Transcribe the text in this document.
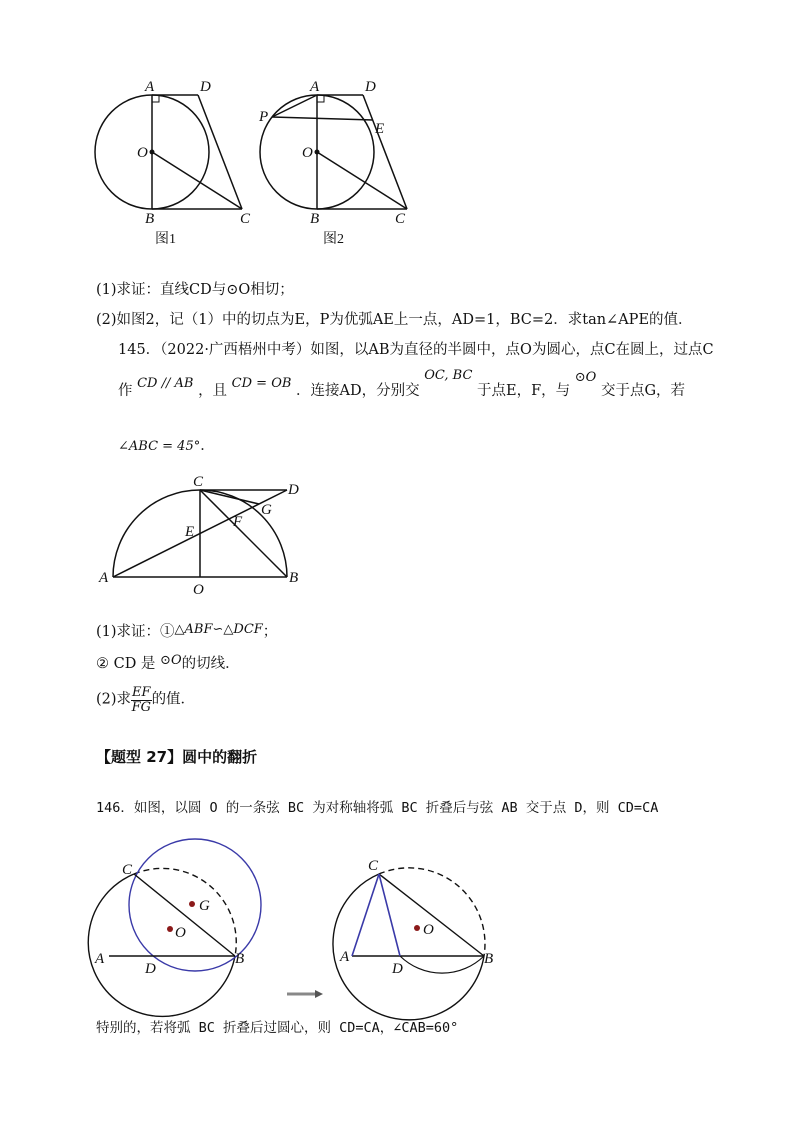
A	D
O
B	C
图1
A	D
P
E
O
B	C
图2
(1)求证：直线CD与⊙O相切；
(2)如图2，记（1）中的切点为E，P为优弧AE上一点，AD=1，BC=2．求tan∠APE的值．
145．（2022·广西梧州中考）如图，以AB为直径的半圆中，点O为圆心，点C在圆上，过点C
作 CD // AB ，且 CD = OB ．连接AD，分别交 OC, BC 于点E，F，与 ⊙O 交于点G，若
∠ABC = 45°．
C	D
G
F
E
A
O
B
(1)求证：①△ABF∽△DCF；
② CD 是 ⊙O的切线．
(2)求 $\frac{EF}{FG}$ 的值．
【题型 27】圆中的翻折
146．如图，以圆 O 的一条弦 BC 为对称轴将弧 BC 折叠后与弦 AB 交于点 D，则 CD=CA
C
G
O
A
D
B
C
O
A
D
B
特别的，若将弧 BC 折叠后过圆心，则 CD=CA，∠CAB=60°
